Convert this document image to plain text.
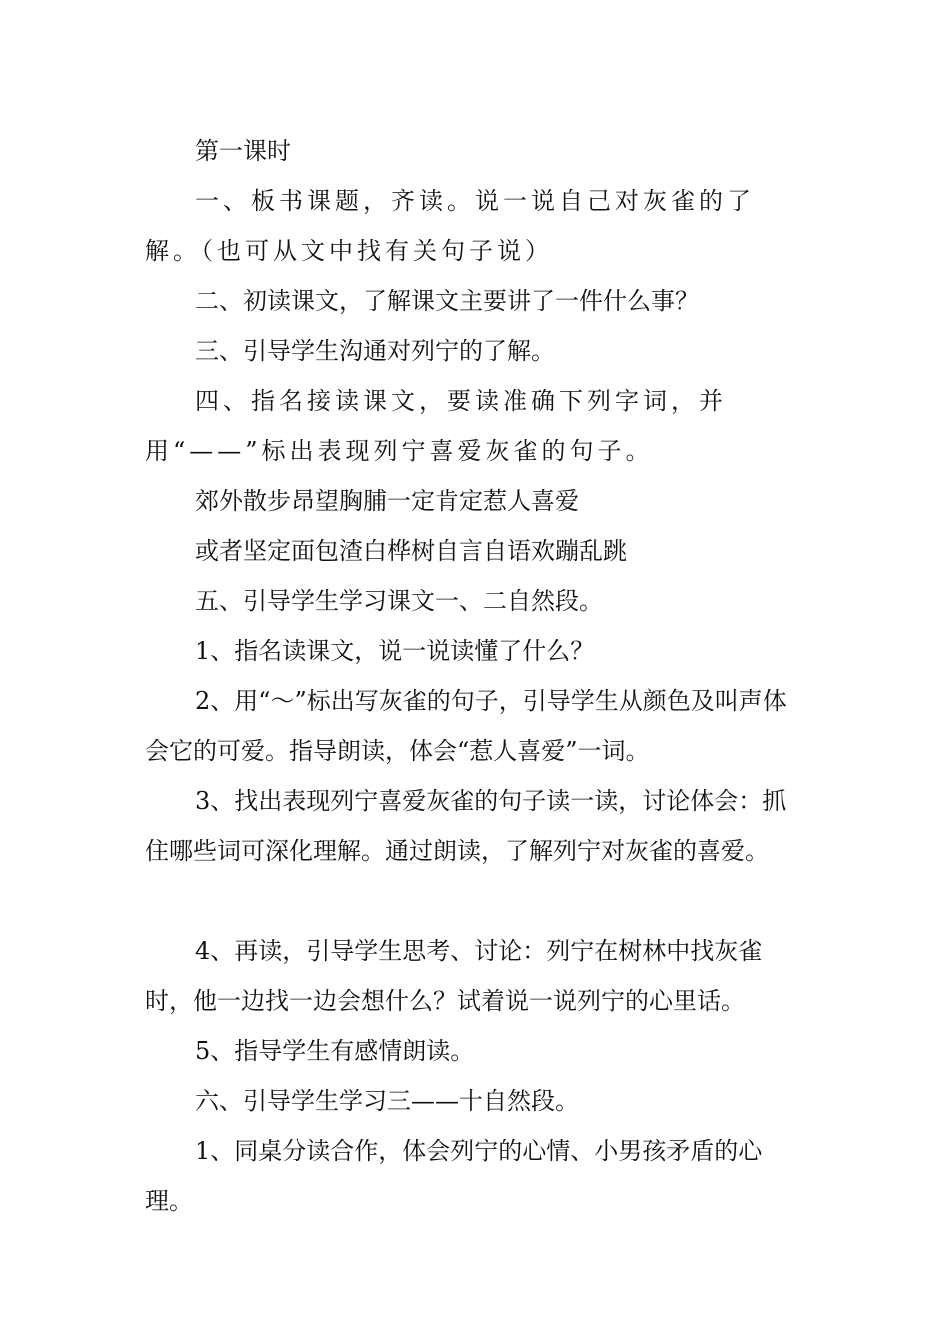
第一课时

一、板书课题，齐读。说一说自己对灰雀的了解。（也可从文中找有关句子说）

二、初读课文，了解课文主要讲了一件什么事？

三、引导学生沟通对列宁的了解。

四、指名接读课文，要读准确下列字词，并用“——”标出表现列宁喜爱灰雀的句子。

郊外散步昂望胸脯一定肯定惹人喜爱

或者坚定面包渣白桦树自言自语欢蹦乱跳

五、引导学生学习课文一、二自然段。

1、指名读课文，说一说读懂了什么？

2、用“～”标出写灰雀的句子，引导学生从颜色及叫声体会它的可爱。指导朗读，体会“惹人喜爱”一词。

3、找出表现列宁喜爱灰雀的句子读一读，讨论体会：抓住哪些词可深化理解。通过朗读，了解列宁对灰雀的喜爱。

4、再读，引导学生思考、讨论：列宁在树林中找灰雀时，他一边找一边会想什么？试着说一说列宁的心里话。

5、指导学生有感情朗读。

六、引导学生学习三——十自然段。

1、同桌分读合作，体会列宁的心情、小男孩矛盾的心理。
